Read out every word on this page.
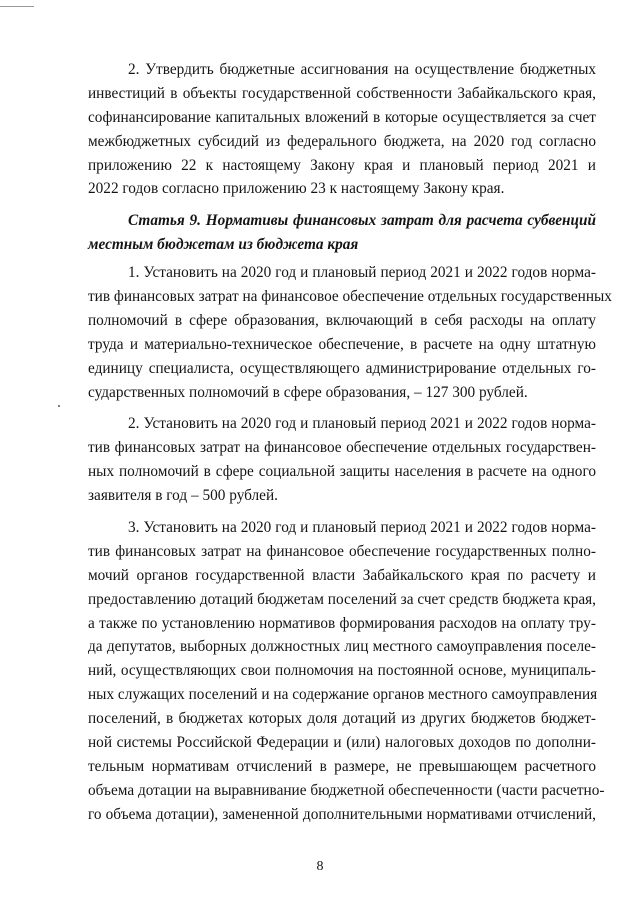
2. Утвердить бюджетные ассигнования на осуществление бюджетных
инвестиций в объекты государственной собственности Забайкальского края,
софинансирование капитальных вложений в которые осуществляется за счет
межбюджетных субсидий из федерального бюджета, на 2020 год согласно
приложению 22 к настоящему Закону края и плановый период 2021 и
2022 годов согласно приложению 23 к настоящему Закону края.
Статья 9. Нормативы финансовых затрат для расчета субвенций
местным бюджетам из бюджета края
1. Установить на 2020 год и плановый период 2021 и 2022 годов норма-
тив финансовых затрат на финансовое обеспечение отдельных государственных
полномочий в сфере образования, включающий в себя расходы на оплату
труда и материально-техническое обеспечение, в расчете на одну штатную
единицу специалиста, осуществляющего администрирование отдельных го-
сударственных полномочий в сфере образования, – 127 300 рублей.
2. Установить на 2020 год и плановый период 2021 и 2022 годов норма-
тив финансовых затрат на финансовое обеспечение отдельных государствен-
ных полномочий в сфере социальной защиты населения в расчете на одного
заявителя в год – 500 рублей.
3. Установить на 2020 год и плановый период 2021 и 2022 годов норма-
тив финансовых затрат на финансовое обеспечение государственных полно-
мочий органов государственной власти Забайкальского края по расчету и
предоставлению дотаций бюджетам поселений за счет средств бюджета края,
а также по установлению нормативов формирования расходов на оплату тру-
да депутатов, выборных должностных лиц местного самоуправления поселе-
ний, осуществляющих свои полномочия на постоянной основе, муниципаль-
ных служащих поселений и на содержание органов местного самоуправления
поселений, в бюджетах которых доля дотаций из других бюджетов бюджет-
ной системы Российской Федерации и (или) налоговых доходов по дополни-
тельным нормативам отчислений в размере, не превышающем расчетного
объема дотации на выравнивание бюджетной обеспеченности (части расчетно-
го объема дотации), замененной дополнительными нормативами отчислений,
8
